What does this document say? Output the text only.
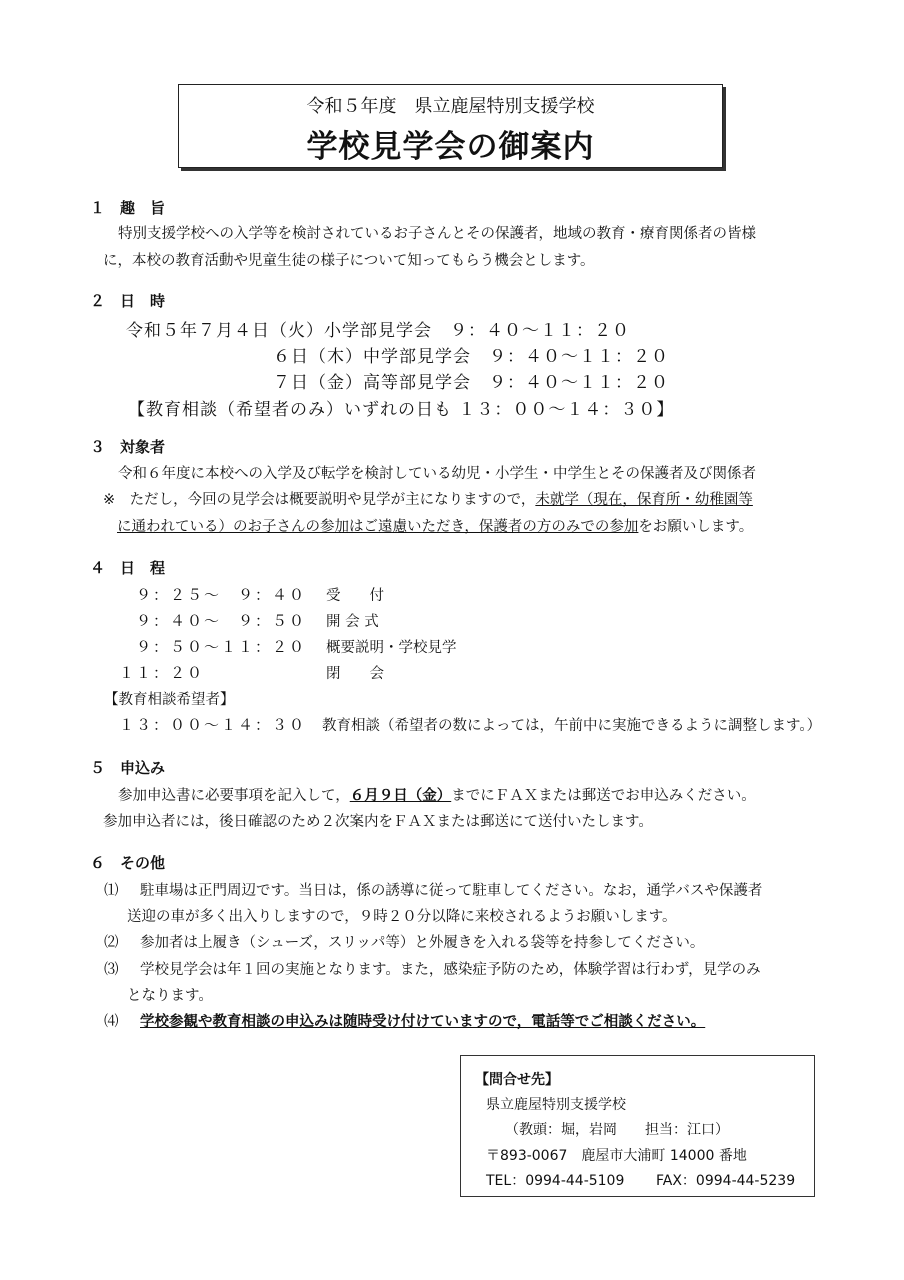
令和５年度　県立鹿屋特別支援学校
学校見学会の御案内
１　趣　旨
特別支援学校への入学等を検討されているお子さんとその保護者，地域の教育・療育関係者の皆様
に，本校の教育活動や児童生徒の様子について知ってもらう機会とします。
２　日　時
令和５年７月４日（火）小学部見学会　９：４０～１１：２０
６日（木）中学部見学会　９：４０～１１：２０
７日（金）高等部見学会　９：４０～１１：２０
【教育相談（希望者のみ）いずれの日も １３：００～１４：３０】
３　対象者
令和６年度に本校への入学及び転学を検討している幼児・小学生・中学生とその保護者及び関係者
※　ただし，今回の見学会は概要説明や見学が主になりますので，未就学（現在，保育所・幼稚園等
に通われている）のお子さんの参加はご遠慮いただき，保護者の方のみでの参加をお願いします。
４　日　程
９：２５～　９：４０ 受　　付
９：４０～　９：５０ 開 会 式
９：５０～１１：２０ 概要説明・学校見学
１１：２０	閉　　会
【教育相談希望者】
１３：００～１４：３０ 教育相談（希望者の数によっては，午前中に実施できるように調整します。）
５　申込み
参加申込書に必要事項を記入して，６月９日（金）までにＦＡＸまたは郵送でお申込みください。
参加申込者には，後日確認のため２次案内をＦＡＸまたは郵送にて送付いたします。
６　その他
⑴ 駐車場は正門周辺です。当日は，係の誘導に従って駐車してください。なお，通学バスや保護者
送迎の車が多く出入りしますので，９時２０分以降に来校されるようお願いします。
⑵ 参加者は上履き（シューズ，スリッパ等）と外履きを入れる袋等を持参してください。
⑶ 学校見学会は年１回の実施となります。また，感染症予防のため，体験学習は行わず，見学のみ
となります。
⑷ 学校参観や教育相談の申込みは随時受け付けていますので，電話等でご相談ください。
【問合せ先】
県立鹿屋特別支援学校
（教頭：堀，岩岡　　担当：江口）
〒893-0067　鹿屋市大浦町 14000 番地
TEL：0994-44-5109 FAX：0994-44-5239
